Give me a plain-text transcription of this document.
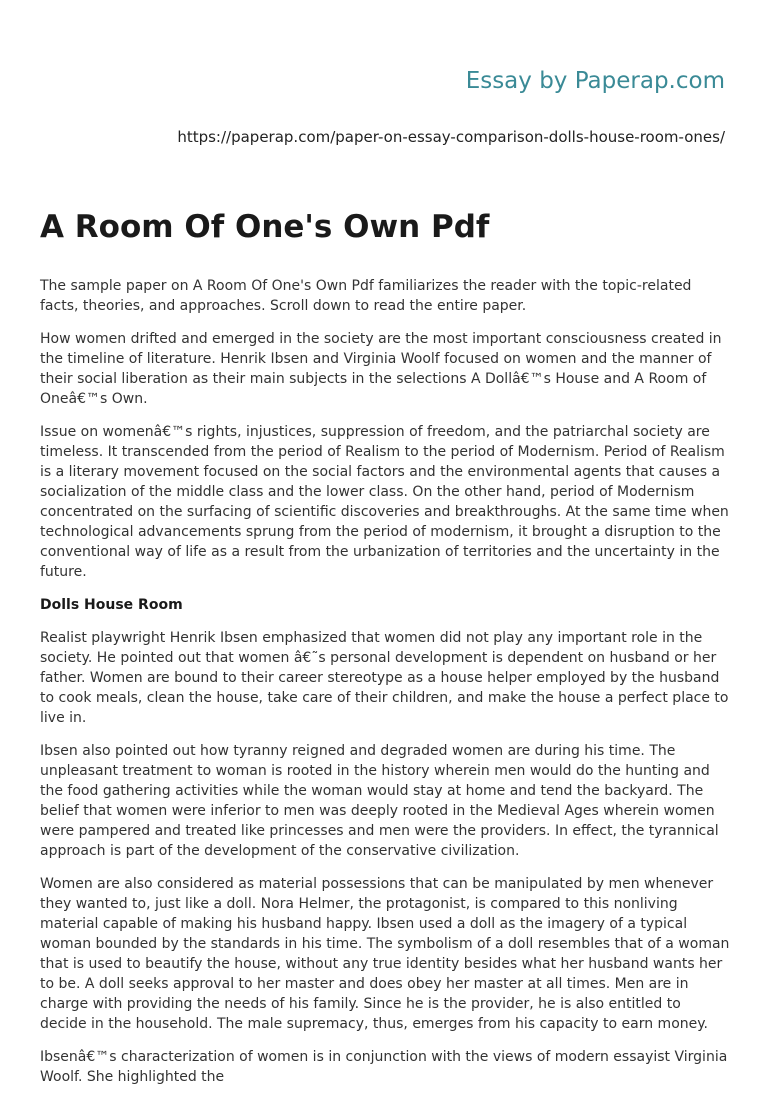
Essay by Paperap.com
https://paperap.com/paper-on-essay-comparison-dolls-house-room-ones/
A Room Of One's Own Pdf

The sample paper on A Room Of One's Own Pdf familiarizes the reader with the topic-related facts, theories, and approaches. Scroll down to read the entire paper.

How women drifted and emerged in the society are the most important consciousness created in the timeline of literature. Henrik Ibsen and Virginia Woolf focused on women and the manner of their social liberation as their main subjects in the selections A Dollâ€™s House and A Room of Oneâ€™s Own.

Issue on womenâ€™s rights, injustices, suppression of freedom, and the patriarchal society are timeless. It transcended from the period of Realism to the period of Modernism. Period of Realism is a literary movement focused on the social factors and the environmental agents that causes a socialization of the middle class and the lower class. On the other hand, period of Modernism concentrated on the surfacing of scientific discoveries and breakthroughs. At the same time when technological advancements sprung from the period of modernism, it brought a disruption to the conventional way of life as a result from the urbanization of territories and the uncertainty in the future.

Dolls House Room

Realist playwright Henrik Ibsen emphasized that women did not play any important role in the society. He pointed out that women â€˜s personal development is dependent on husband or her father. Women are bound to their career stereotype as a house helper employed by the husband to cook meals, clean the house, take care of their children, and make the house a perfect place to live in.

Ibsen also pointed out how tyranny reigned and degraded women are during his time. The unpleasant treatment to woman is rooted in the history wherein men would do the hunting and the food gathering activities while the woman would stay at home and tend the backyard. The belief that women were inferior to men was deeply rooted in the Medieval Ages wherein women were pampered and treated like princesses and men were the providers. In effect, the tyrannical approach is part of the development of the conservative civilization.

Women are also considered as material possessions that can be manipulated by men whenever they wanted to, just like a doll. Nora Helmer, the protagonist, is compared to this nonliving material capable of making his husband happy. Ibsen used a doll as the imagery of a typical woman bounded by the standards in his time. The symbolism of a doll resembles that of a woman that is used to beautify the house, without any true identity besides what her husband wants her to be. A doll seeks approval to her master and does obey her master at all times. Men are in charge with providing the needs of his family. Since he is the provider, he is also entitled to decide in the household. The male supremacy, thus, emerges from his capacity to earn money.

Ibsenâ€™s characterization of women is in conjunction with the views of modern essayist Virginia Woolf. She highlighted the
